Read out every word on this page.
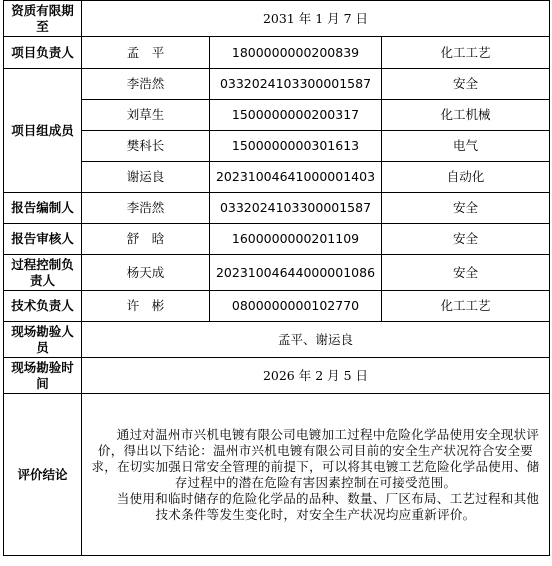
资质有限期至	2031 年 1 月 7 日		
项目负责人	孟　平	1800000000200839	化工工艺
项目组成员	李浩然	0332024103300001587	安全
	刘草生	1500000000200317	化工机械
	樊科长	1500000000301613	电气
	谢运良	20231004641000001403	自动化
报告编制人	李浩然	0332024103300001587	安全
报告审核人	舒　晗	1600000000201109	安全
过程控制负责人	杨天成	20231004644000001086	安全
技术负责人	许　彬	0800000000102770	化工工艺
现场勘验人员	孟平、谢运良		
现场勘验时间	2026 年 2 月 5 日		
评价结论	通过对温州市兴机电镀有限公司电镀加工过程中危险化学品使用安全现状评价，得出以下结论：温州市兴机电镀有限公司目前的安全生产状况符合安全要求，在切实加强日常安全管理的前提下，可以将其电镀工艺危险化学品使用、储存过程中的潜在危险有害因素控制在可接受范围。

当使用和临时储存的危险化学品的品种、数量、厂区布局、工艺过程和其他技术条件等发生变化时，对安全生产状况均应重新评价。		
